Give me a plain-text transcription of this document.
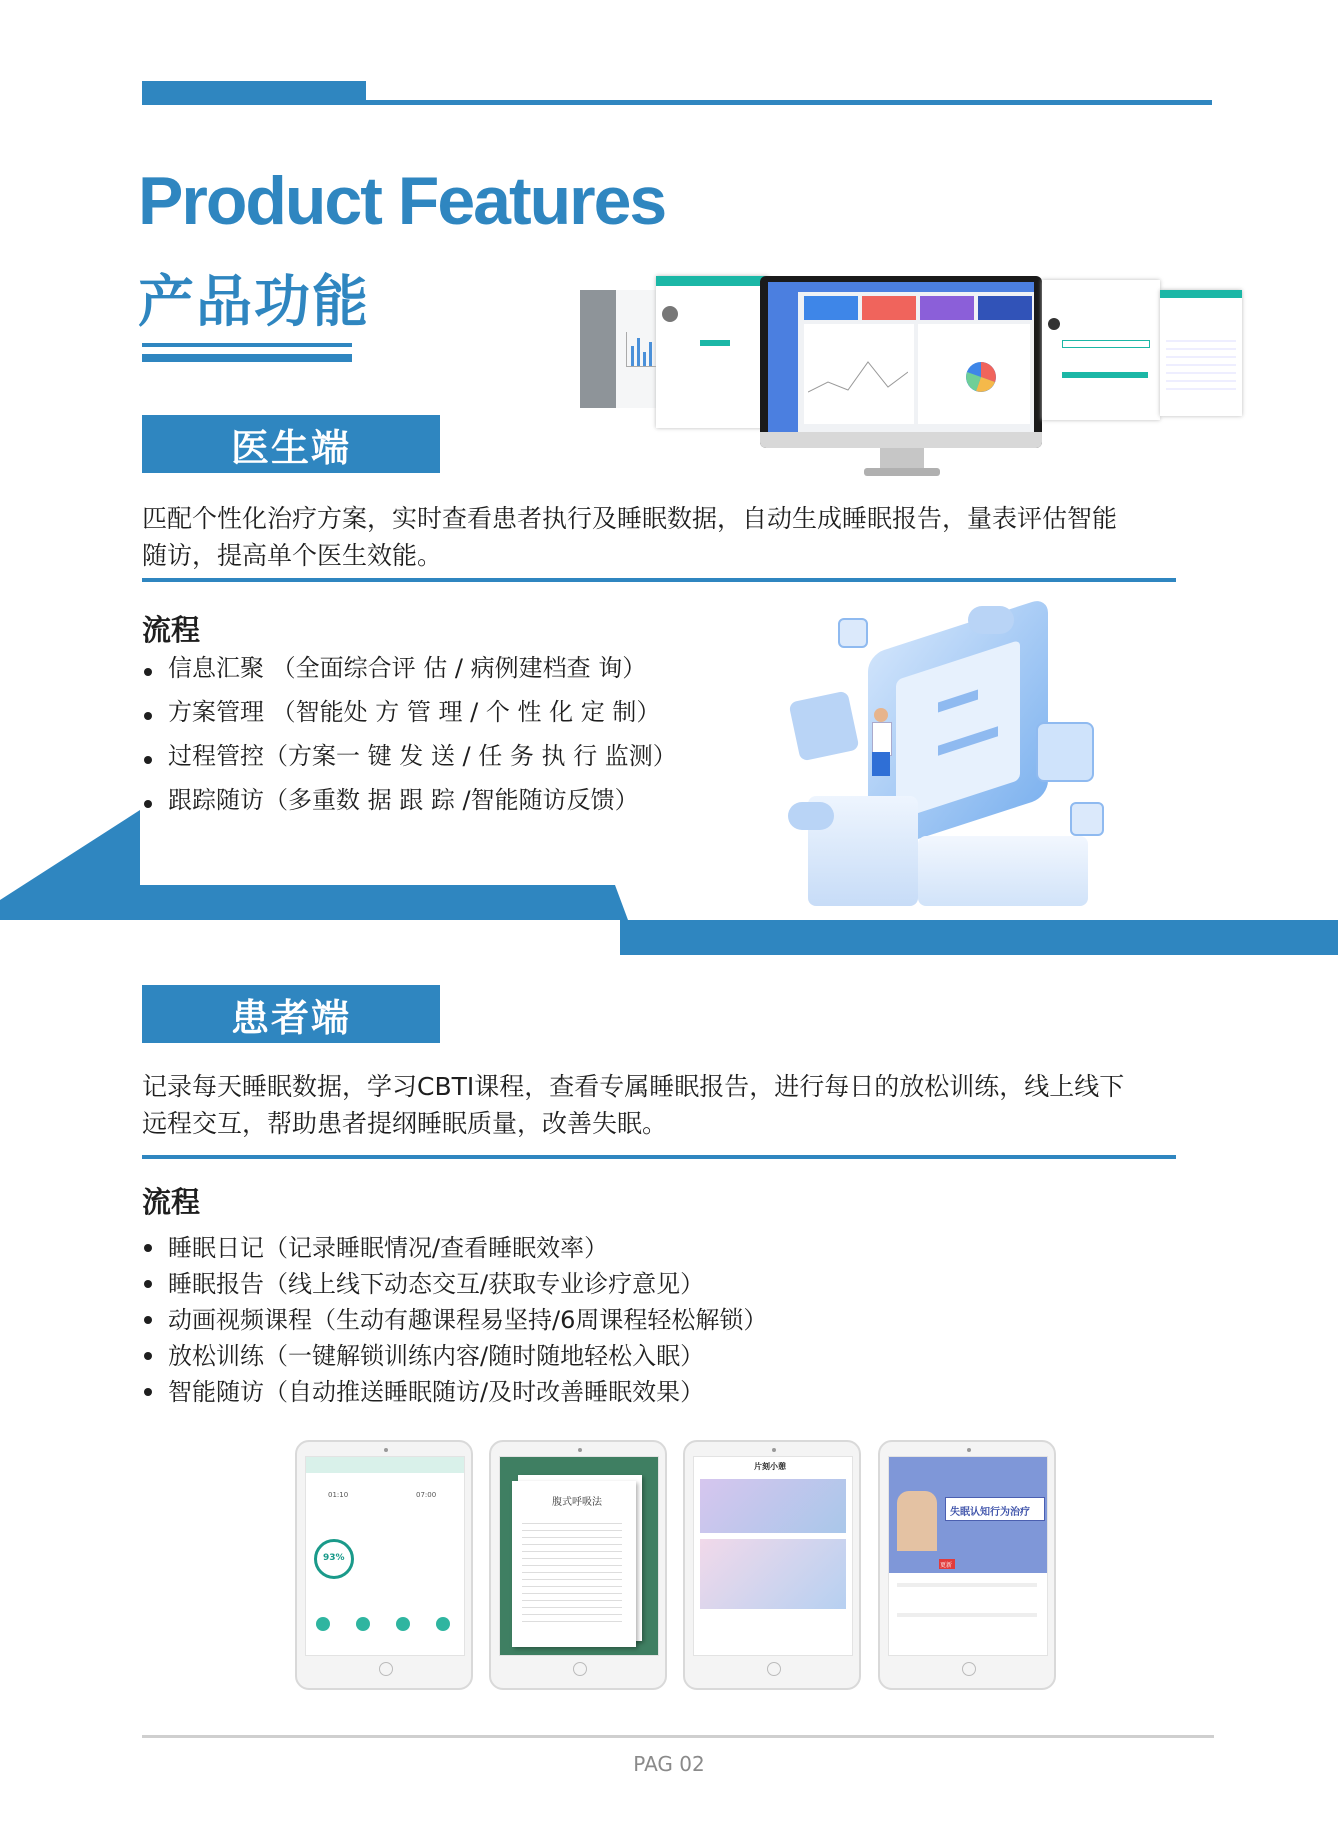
Product Features
产品功能
医生端
匹配个性化治疗方案，实时查看患者执行及睡眠数据，自动生成睡眠报告，量表评估智能
随访，提高单个医生效能。
流程
信息汇聚 （全面综合评 估 / 病例建档查 询）
方案管理 （智能处 方 管 理 / 个 性 化 定 制）
过程管控（方案一 键 发 送 / 任 务 执 行 监测）
跟踪随访（多重数 据 跟 踪 /智能随访反馈）
患者端
记录每天睡眠数据，学习CBTI课程，查看专属睡眠报告，进行每日的放松训练，线上线下
远程交互，帮助患者提纲睡眠质量，改善失眠。
流程
睡眠日记（记录睡眠情况/查看睡眠效率）
睡眠报告（线上线下动态交互/获取专业诊疗意见）
动画视频课程（生动有趣课程易坚持/6周课程轻松解锁）
放松训练（一键解锁训练内容/随时随地轻松入眠）
智能随访（自动推送睡眠随访/及时改善睡眠效果）
01:10	07:00
93%
腹式呼吸法
片刻小憩
失眠认知行为治疗
更新
PAG 02
